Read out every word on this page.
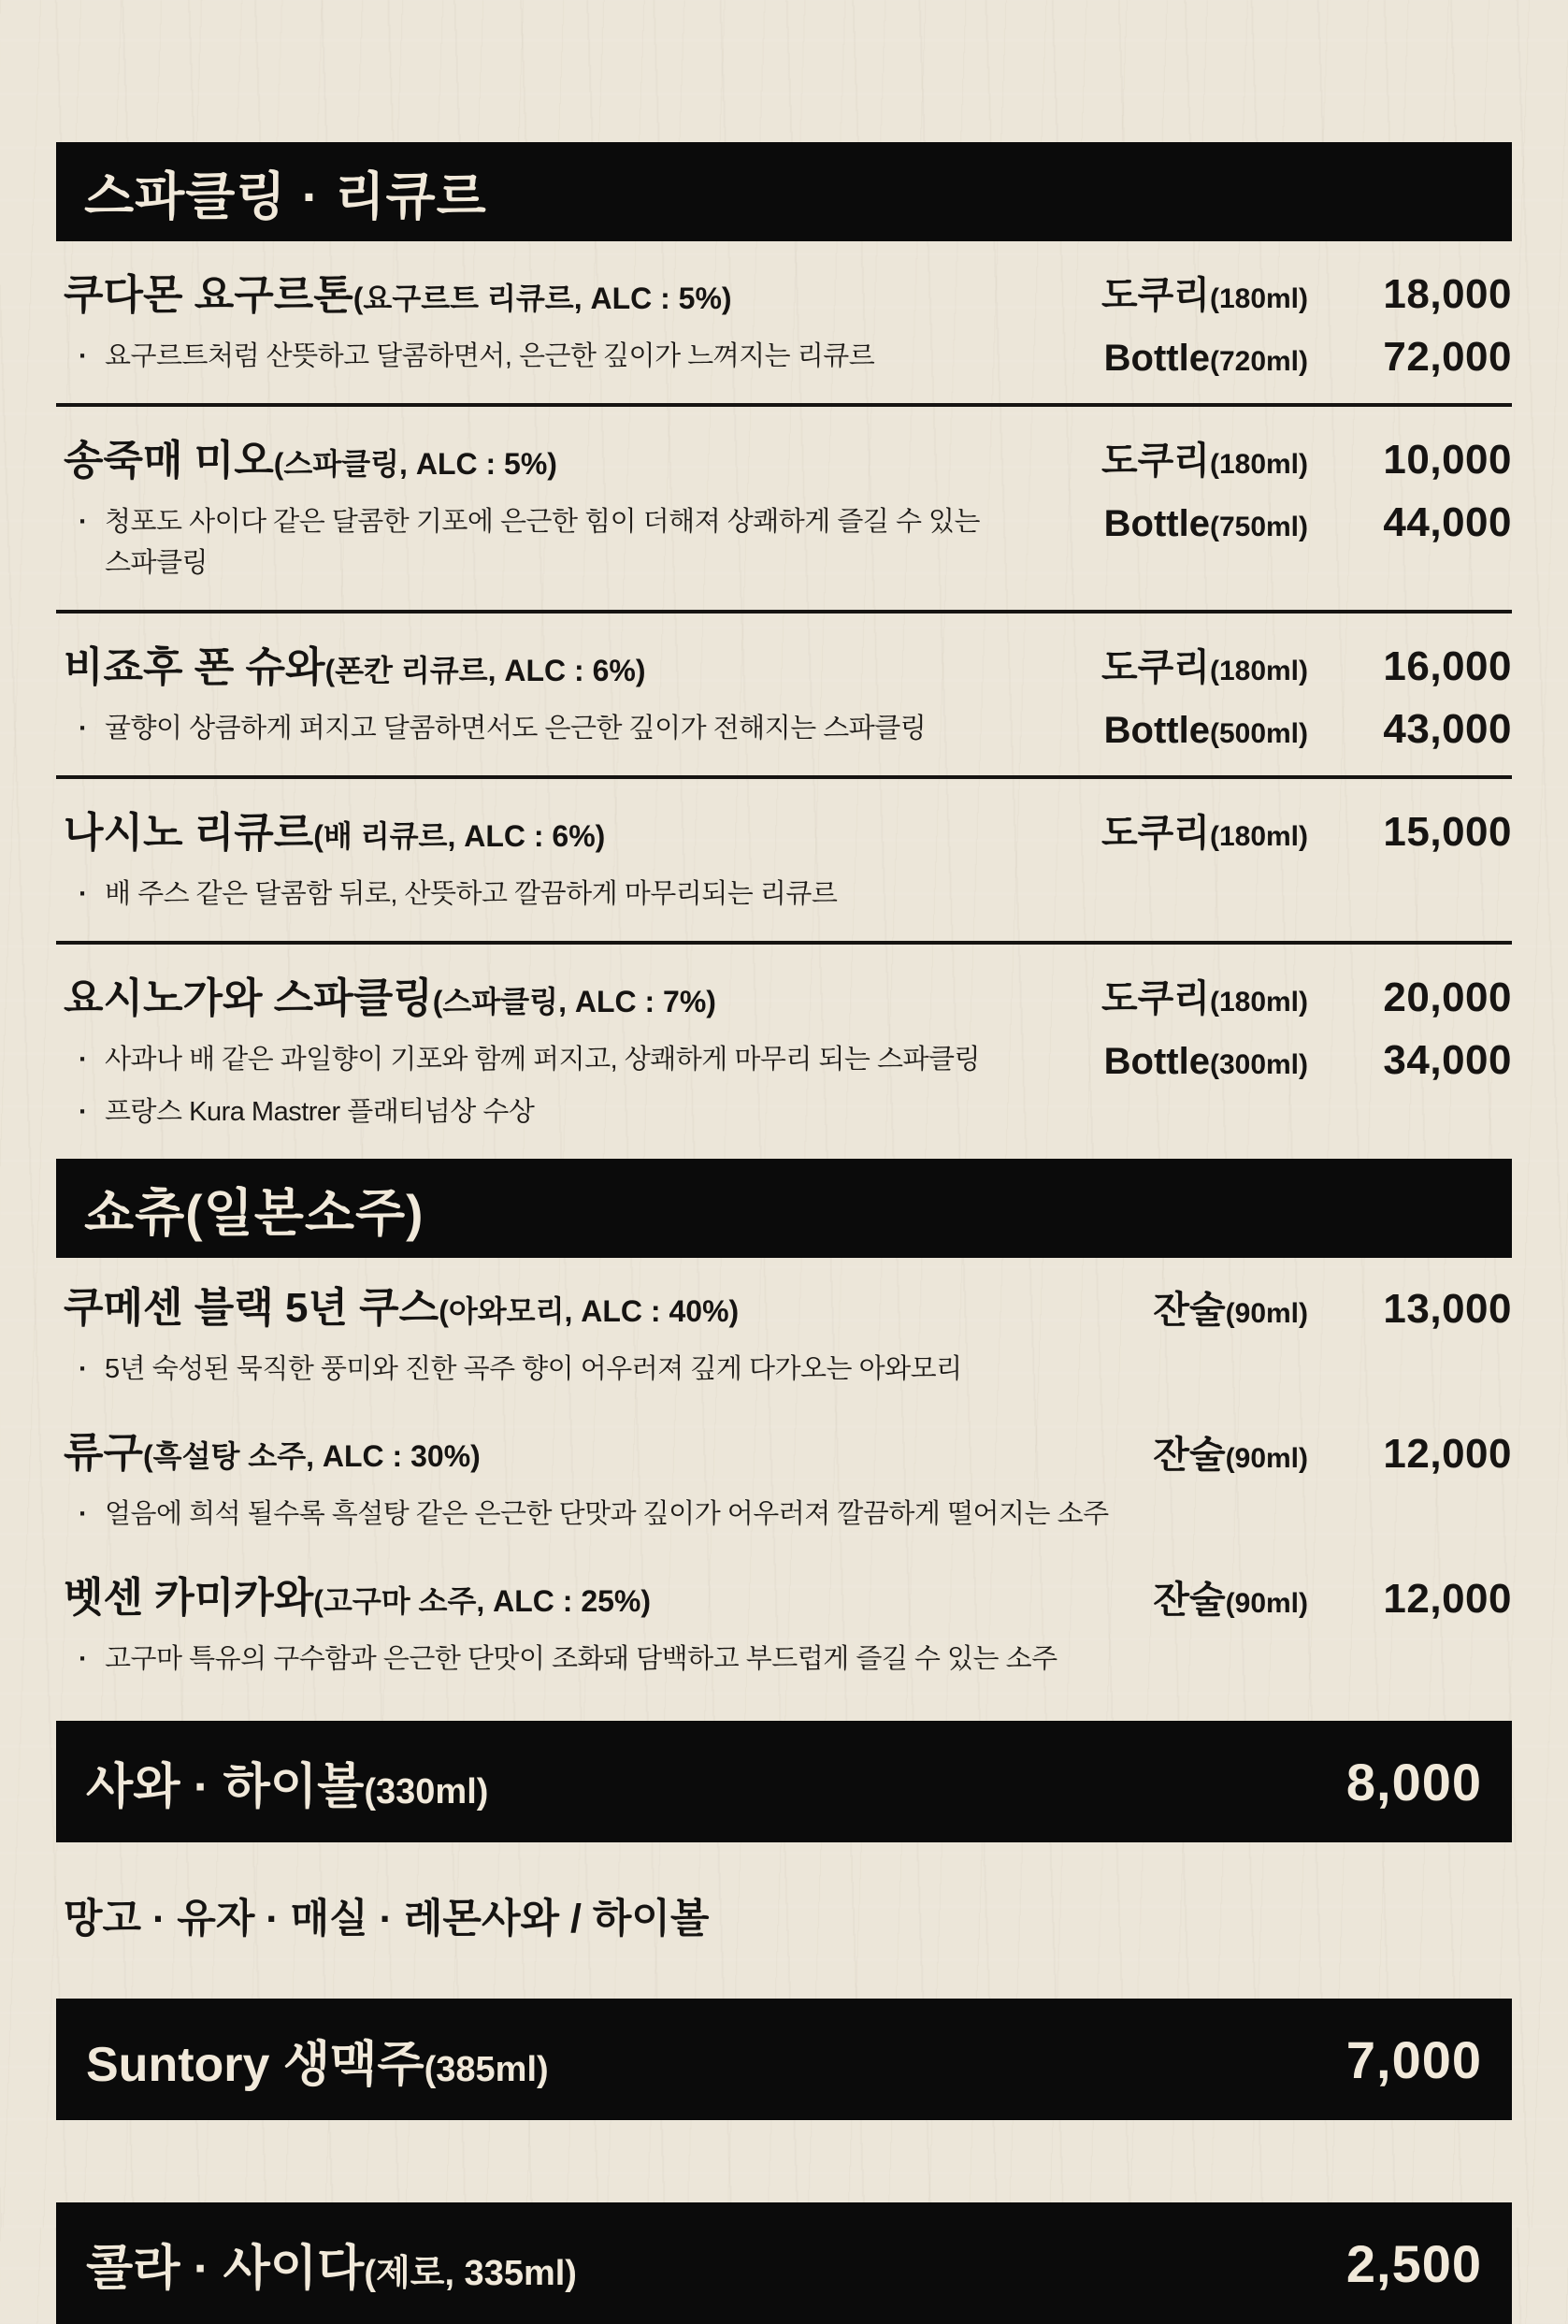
스파클링 · 리큐르
쿠다몬 요구르톤(요구르트 리큐르, ALC : 5%)
· 요구르트처럼 산뜻하고 달콤하면서, 은근한 깊이가 느껴지는 리큐르
도쿠리 (180ml)	18,000
Bottle (720ml)	72,000
송죽매 미오(스파클링, ALC : 5%)
· 청포도 사이다 같은 달콤한 기포에 은근한 힘이 더해져 상쾌하게 즐길 수 있는 스파클링
도쿠리 (180ml)	10,000
Bottle (750ml)	44,000
비죠후 폰 슈와(폰칸 리큐르, ALC : 6%)
· 귤향이 상큼하게 퍼지고 달콤하면서도 은근한 깊이가 전해지는 스파클링
도쿠리 (180ml)	16,000
Bottle (500ml)	43,000
나시노 리큐르(배 리큐르, ALC : 6%)
· 배 주스 같은 달콤함 뒤로, 산뜻하고 깔끔하게 마무리되는 리큐르
도쿠리 (180ml)	15,000
요시노가와 스파클링(스파클링, ALC : 7%)
· 사과나 배 같은 과일향이 기포와 함께 퍼지고, 상쾌하게 마무리 되는 스파클링
· 프랑스 Kura Mastrer 플래티넘상 수상
도쿠리 (180ml)	20,000
Bottle (300ml)	34,000
쇼츄(일본소주)
쿠메센 블랙 5년 쿠스(아와모리, ALC : 40%)
· 5년 숙성된 묵직한 풍미와 진한 곡주 향이 어우러져 깊게 다가오는 아와모리
잔술 (90ml)	13,000
류구(흑설탕 소주, ALC : 30%)
· 얼음에 희석 될수록 흑설탕 같은 은근한 단맛과 깊이가 어우러져 깔끔하게 떨어지는 소주
잔술 (90ml)	12,000
벳센 카미카와(고구마 소주, ALC : 25%)
· 고구마 특유의 구수함과 은근한 단맛이 조화돼 담백하고 부드럽게 즐길 수 있는 소주
잔술 (90ml)	12,000
사와 · 하이볼(330ml)	8,000
망고 · 유자 · 매실 · 레몬사와 / 하이볼
Suntory 생맥주(385ml)	7,000
콜라 · 사이다(제로, 335ml)	2,500
